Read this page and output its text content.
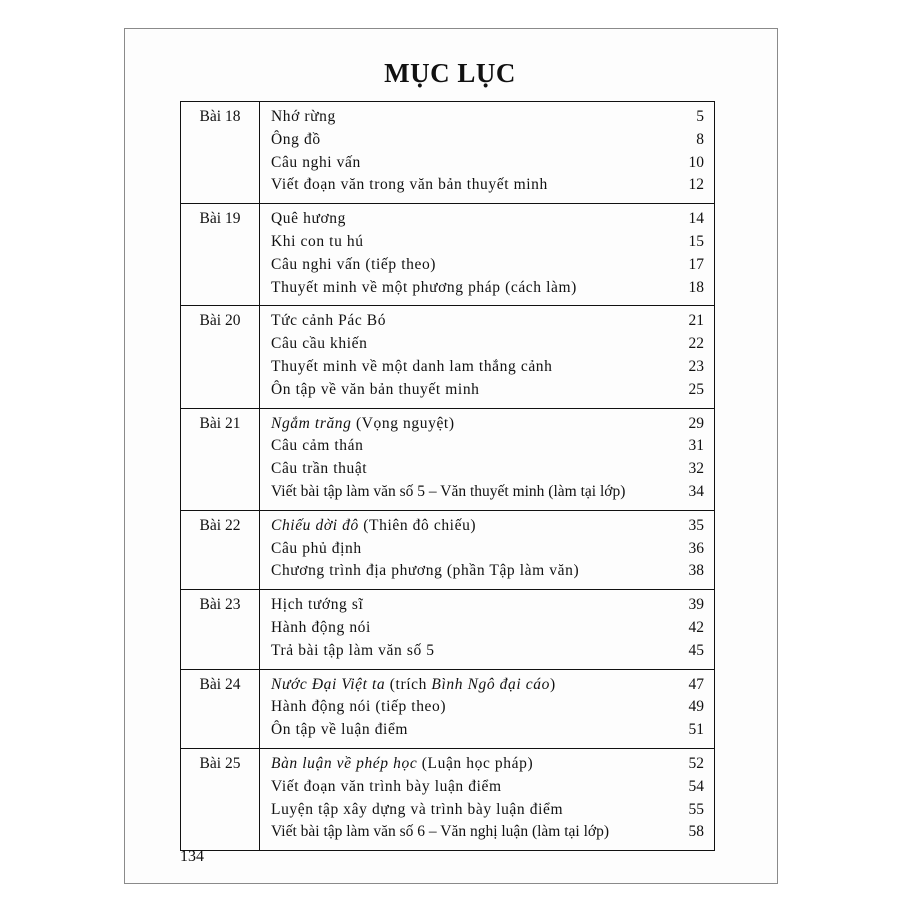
MỤC LỤC
Bài 18	Nhớ rừng	5
Ông đồ	8
Câu nghi vấn	10
Viết đoạn văn trong văn bản thuyết minh	12
Bài 19	Quê hương	14
Khi con tu hú	15
Câu nghi vấn (tiếp theo)	17
Thuyết minh về một phương pháp (cách làm)	18
Bài 20	Tức cảnh Pác Bó	21
Câu cầu khiến	22
Thuyết minh về một danh lam thắng cảnh	23
Ôn tập về văn bản thuyết minh	25
Bài 21	Ngắm trăng (Vọng nguyệt)	29
Câu cảm thán	31
Câu trần thuật	32
Viết bài tập làm văn số 5 – Văn thuyết minh (làm tại lớp)	34
Bài 22	Chiếu dời đô (Thiên đô chiếu)	35
Câu phủ định	36
Chương trình địa phương (phần Tập làm văn)	38
Bài 23	Hịch tướng sĩ	39
Hành động nói	42
Trả bài tập làm văn số 5	45
Bài 24	Nước Đại Việt ta (trích Bình Ngô đại cáo)	47
Hành động nói (tiếp theo)	49
Ôn tập về luận điểm	51
Bài 25	Bàn luận về phép học (Luận học pháp)	52
Viết đoạn văn trình bày luận điểm	54
Luyện tập xây dựng và trình bày luận điểm	55
Viết bài tập làm văn số 6 – Văn nghị luận (làm tại lớp)	58
134
